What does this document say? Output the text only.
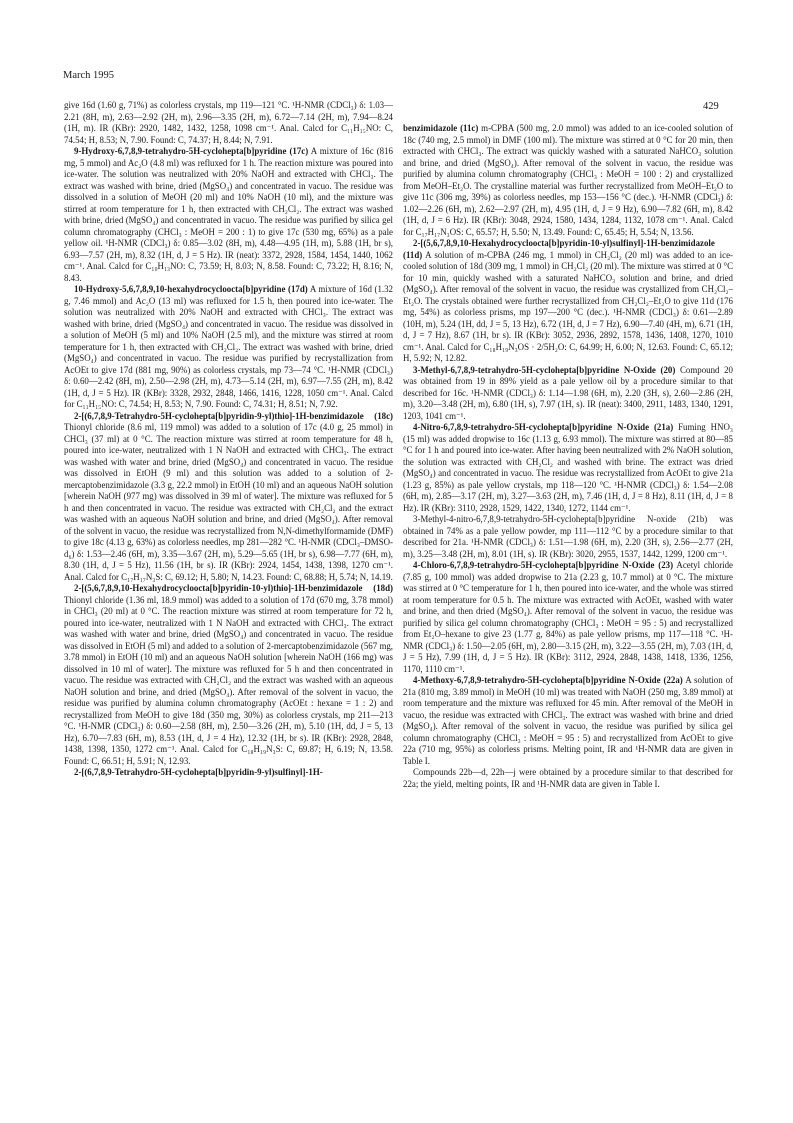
March 1995
429

give 16d (1.60 g, 71%) as colorless crystals, mp 119—121 °C. ¹H-NMR (CDCl₃) δ: 1.03—2.21 (8H, m), 2.63—2.92 (2H, m), 2.96—3.35 (2H, m), 6.72—7.14 (2H, m), 7.94—8.24 (1H, m). IR (KBr): 2920, 1482, 1432, 1258, 1098 cm⁻¹. Anal. Calcd for C₁₁H₁₅NO: C, 74.54; H, 8.53; N, 7.90. Found: C, 74.37; H, 8.44; N, 7.91.

9-Hydroxy-6,7,8,9-tetrahydro-5H-cyclohepta[b]pyridine (17c) A mixture of 16c (816 mg, 5 mmol) and Ac₂O (4.8 ml) was refluxed for 1 h. The reaction mixture was poured into ice-water. The solution was neutralized with 20% NaOH and extracted with CHCl₃. The extract was washed with brine, dried (MgSO₄) and concentrated in vacuo. The residue was dissolved in a solution of MeOH (20 ml) and 10% NaOH (10 ml), and the mixture was stirred at room temperature for 1 h, then extracted with CH₂Cl₂. The extract was washed with brine, dried (MgSO₄) and concentrated in vacuo. The residue was purified by silica gel column chromatography (CHCl₃ : MeOH = 200 : 1) to give 17c (530 mg, 65%) as a pale yellow oil. ¹H-NMR (CDCl₃) δ: 0.85—3.02 (8H, m), 4.48—4.95 (1H, m), 5.88 (1H, br s), 6.93—7.57 (2H, m), 8.32 (1H, d, J = 5 Hz). IR (neat): 3372, 2928, 1584, 1454, 1440, 1062 cm⁻¹. Anal. Calcd for C₁₀H₁₃NO: C, 73.59; H, 8.03; N, 8.58. Found: C, 73.22; H, 8.16; N, 8.43.

10-Hydroxy-5,6,7,8,9,10-hexahydrocycloocta[b]pyridine (17d) A mixture of 16d (1.32 g, 7.46 mmol) and Ac₂O (13 ml) was refluxed for 1.5 h, then poured into ice-water. The solution was neutralized with 20% NaOH and extracted with CHCl₃. The extract was washed with brine, dried (MgSO₄) and concentrated in vacuo. The residue was dissolved in a solution of MeOH (5 ml) and 10% NaOH (2.5 ml), and the mixture was stirred at room temperature for 1 h, then extracted with CH₂Cl₂. The extract was washed with brine, dried (MgSO₄) and concentrated in vacuo. The residue was purified by recrystallization from AcOEt to give 17d (881 mg, 90%) as colorless crystals, mp 73—74 °C. ¹H-NMR (CDCl₃) δ: 0.60—2.42 (8H, m), 2.50—2.98 (2H, m), 4.73—5.14 (2H, m), 6.97—7.55 (2H, m), 8.42 (1H, d, J = 5 Hz). IR (KBr): 3328, 2932, 2848, 1466, 1416, 1228, 1050 cm⁻¹. Anal. Calcd for C₁₁H₁₅NO: C, 74.54; H, 8.53; N, 7.90. Found: C, 74.31; H, 8.51; N, 7.92.

2-[(6,7,8,9-Tetrahydro-5H-cyclohepta[b]pyridin-9-yl)thio]-1H-benzimidazole (18c) Thionyl chloride (8.6 ml, 119 mmol) was added to a solution of 17c (4.0 g, 25 mmol) in CHCl₃ (37 ml) at 0 °C. The reaction mixture was stirred at room temperature for 48 h, poured into ice-water, neutralized with 1 N NaOH and extracted with CHCl₃. The extract was washed with water and brine, dried (MgSO₄) and concentrated in vacuo. The residue was dissolved in EtOH (9 ml) and this solution was added to a solution of 2-mercaptobenzimidazole (3.3 g, 22.2 mmol) in EtOH (10 ml) and an aqueous NaOH solution [wherein NaOH (977 mg) was dissolved in 39 ml of water]. The mixture was refluxed for 5 h and then concentrated in vacuo. The residue was extracted with CH₂Cl₂ and the extract was washed with an aqueous NaOH solution and brine, and dried (MgSO₄). After removal of the solvent in vacuo, the residue was recrystallized from N,N-dimethylformamide (DMF) to give 18c (4.13 g, 63%) as colorless needles, mp 281—282 °C. ¹H-NMR (CDCl₃–DMSO-d₆) δ: 1.53—2.46 (6H, m), 3.35—3.67 (2H, m), 5.29—5.65 (1H, br s), 6.98—7.77 (6H, m), 8.30 (1H, d, J = 5 Hz), 11.56 (1H, br s). IR (KBr): 2924, 1454, 1438, 1398, 1270 cm⁻¹. Anal. Calcd for C₁₇H₁₇N₃S: C, 69.12; H, 5.80; N, 14.23. Found: C, 68.88; H, 5.74; N, 14.19.

2-[(5,6,7,8,9,10-Hexahydrocycloocta[b]pyridin-10-yl)thio]-1H-benzimidazole (18d) Thionyl chloride (1.36 ml, 18.9 mmol) was added to a solution of 17d (670 mg, 3.78 mmol) in CHCl₃ (20 ml) at 0 °C. The reaction mixture was stirred at room temperature for 72 h, poured into ice-water, neutralized with 1 N NaOH and extracted with CHCl₃. The extract was washed with water and brine, dried (MgSO₄) and concentrated in vacuo. The residue was dissolved in EtOH (5 ml) and added to a solution of 2-mercaptobenzimidazole (567 mg, 3.78 mmol) in EtOH (10 ml) and an aqueous NaOH solution [wherein NaOH (166 mg) was dissolved in 10 ml of water]. The mixture was refluxed for 5 h and then concentrated in vacuo. The residue was extracted with CH₂Cl₂ and the extract was washed with an aqueous NaOH solution and brine, and dried (MgSO₄). After removal of the solvent in vacuo, the residue was purified by alumina column chromatography (AcOEt : hexane = 1 : 2) and recrystallized from MeOH to give 18d (350 mg, 30%) as colorless crystals, mp 211—213 °C. ¹H-NMR (CDCl₃) δ: 0.60—2.58 (8H, m), 2.50—3.26 (2H, m), 5.10 (1H, dd, J = 5, 13 Hz), 6.70—7.83 (6H, m), 8.53 (1H, d, J = 4 Hz), 12.32 (1H, br s). IR (KBr): 2928, 2848, 1438, 1398, 1350, 1272 cm⁻¹. Anal. Calcd for C₁₈H₁₉N₃S: C, 69.87; H, 6.19; N, 13.58. Found: C, 66.51; H, 5.91; N, 12.93.

2-[(6,7,8,9-Tetrahydro-5H-cyclohepta[b]pyridin-9-yl)sulfinyl]-1H-

benzimidazole (11c) m-CPBA (500 mg, 2.0 mmol) was added to an ice-cooled solution of 18c (740 mg, 2.5 mmol) in DMF (100 ml). The mixture was stirred at 0 °C for 20 min, then extracted with CHCl₃. The extract was quickly washed with a saturated NaHCO₃ solution and brine, and dried (MgSO₄). After removal of the solvent in vacuo, the residue was purified by alumina column chromatography (CHCl₃ : MeOH = 100 : 2) and crystallized from MeOH–Et₂O. The crystalline material was further recrystallized from MeOH–Et₂O to give 11c (306 mg, 39%) as colorless needles, mp 153—156 °C (dec.). ¹H-NMR (CDCl₃) δ: 1.02—2.26 (6H, m), 2.62—2.97 (2H, m), 4.95 (1H, d, J = 9 Hz), 6.90—7.82 (6H, m), 8.42 (1H, d, J = 6 Hz). IR (KBr): 3048, 2924, 1580, 1434, 1284, 1132, 1078 cm⁻¹. Anal. Calcd for C₁₇H₁₇N₃OS: C, 65.57; H, 5.50; N, 13.49. Found: C, 65.45; H, 5.54; N, 13.56.

2-[(5,6,7,8,9,10-Hexahydrocycloocta[b]pyridin-10-yl)sulfinyl]-1H-benzimidazole (11d) A solution of m-CPBA (246 mg, 1 mmol) in CH₂Cl₂ (20 ml) was added to an ice-cooled solution of 18d (309 mg, 1 mmol) in CH₂Cl₂ (20 ml). The mixture was stirred at 0 °C for 10 min, quickly washed with a saturated NaHCO₃ solution and brine, and dried (MgSO₄). After removal of the solvent in vacuo, the residue was crystallized from CH₂Cl₂–Et₂O. The crystals obtained were further recrystallized from CH₂Cl₂–Et₂O to give 11d (176 mg, 54%) as colorless prisms, mp 197—200 °C (dec.). ¹H-NMR (CDCl₃) δ: 0.61—2.89 (10H, m), 5.24 (1H, dd, J = 5, 13 Hz), 6.72 (1H, d, J = 7 Hz), 6.90—7.40 (4H, m), 6.71 (1H, d, J = 7 Hz), 8.67 (1H, br s). IR (KBr): 3052, 2936, 2892, 1578, 1436, 1408, 1270, 1010 cm⁻¹. Anal. Calcd for C₁₈H₁₉N₃OS · 2/5H₂O: C, 64.99; H, 6.00; N, 12.63. Found: C, 65.12; H, 5.92; N, 12.82.

3-Methyl-6,7,8,9-tetrahydro-5H-cyclohepta[b]pyridine N-Oxide (20) Compound 20 was obtained from 19 in 89% yield as a pale yellow oil by a procedure similar to that described for 16c. ¹H-NMR (CDCl₃) δ: 1.14—1.98 (6H, m), 2.20 (3H, s), 2.60—2.86 (2H, m), 3.20—3.48 (2H, m), 6.80 (1H, s), 7.97 (1H, s). IR (neat): 3400, 2911, 1483, 1340, 1291, 1203, 1041 cm⁻¹.

4-Nitro-6,7,8,9-tetrahydro-5H-cyclohepta[b]pyridine N-Oxide (21a) Fuming HNO₃ (15 ml) was added dropwise to 16c (1.13 g, 6.93 mmol). The mixture was stirred at 80—85 °C for 1 h and poured into ice-water. After having been neutralized with 2% NaOH solution, the solution was extracted with CH₂Cl₂ and washed with brine. The extract was dried (MgSO₄) and concentrated in vacuo. The residue was recrystallized from AcOEt to give 21a (1.23 g, 85%) as pale yellow crystals, mp 118—120 °C. ¹H-NMR (CDCl₃) δ: 1.54—2.08 (6H, m), 2.85—3.17 (2H, m), 3.27—3.63 (2H, m), 7.46 (1H, d, J = 8 Hz), 8.11 (1H, d, J = 8 Hz). IR (KBr): 3110, 2928, 1529, 1422, 1340, 1272, 1144 cm⁻¹.

3-Methyl-4-nitro-6,7,8,9-tetrahydro-5H-cyclohepta[b]pyridine N-oxide (21b) was obtained in 74% as a pale yellow powder, mp 111—112 °C by a procedure similar to that described for 21a. ¹H-NMR (CDCl₃) δ: 1.51—1.98 (6H, m), 2.20 (3H, s), 2.56—2.77 (2H, m), 3.25—3.48 (2H, m), 8.01 (1H, s). IR (KBr): 3020, 2955, 1537, 1442, 1299, 1200 cm⁻¹.

4-Chloro-6,7,8,9-tetrahydro-5H-cyclohepta[b]pyridine N-Oxide (23) Acetyl chloride (7.85 g, 100 mmol) was added dropwise to 21a (2.23 g, 10.7 mmol) at 0 °C. The mixture was stirred at 0 °C temperature for 1 h, then poured into ice-water, and the whole was stirred at room temperature for 0.5 h. The mixture was extracted with AcOEt, washed with water and brine, and then dried (MgSO₄). After removal of the solvent in vacuo, the residue was purified by silica gel column chromatography (CHCl₃ : MeOH = 95 : 5) and recrystallized from Et₂O–hexane to give 23 (1.77 g, 84%) as pale yellow prisms, mp 117—118 °C. ¹H-NMR (CDCl₃) δ: 1.50—2.05 (6H, m), 2.80—3.15 (2H, m), 3.22—3.55 (2H, m), 7.03 (1H, d, J = 5 Hz), 7.99 (1H, d, J = 5 Hz). IR (KBr): 3112, 2924, 2848, 1438, 1418, 1336, 1256, 1170, 1110 cm⁻¹.

4-Methoxy-6,7,8,9-tetrahydro-5H-cyclohepta[b]pyridine N-Oxide (22a) A solution of 21a (810 mg, 3.89 mmol) in MeOH (10 ml) was treated with NaOH (250 mg, 3.89 mmol) at room temperature and the mixture was refluxed for 45 min. After removal of the MeOH in vacuo, the residue was extracted with CHCl₃. The extract was washed with brine and dried (MgSO₄). After removal of the solvent in vacuo, the residue was purified by silica gel column chromatography (CHCl₃ : MeOH = 95 : 5) and recrystallized from AcOEt to give 22a (710 mg, 95%) as colorless prisms. Melting point, IR and ¹H-NMR data are given in Table I.

Compounds 22b—d, 22h—j were obtained by a procedure similar to that described for 22a; the yield, melting points, IR and ¹H-NMR data are given in Table I.
